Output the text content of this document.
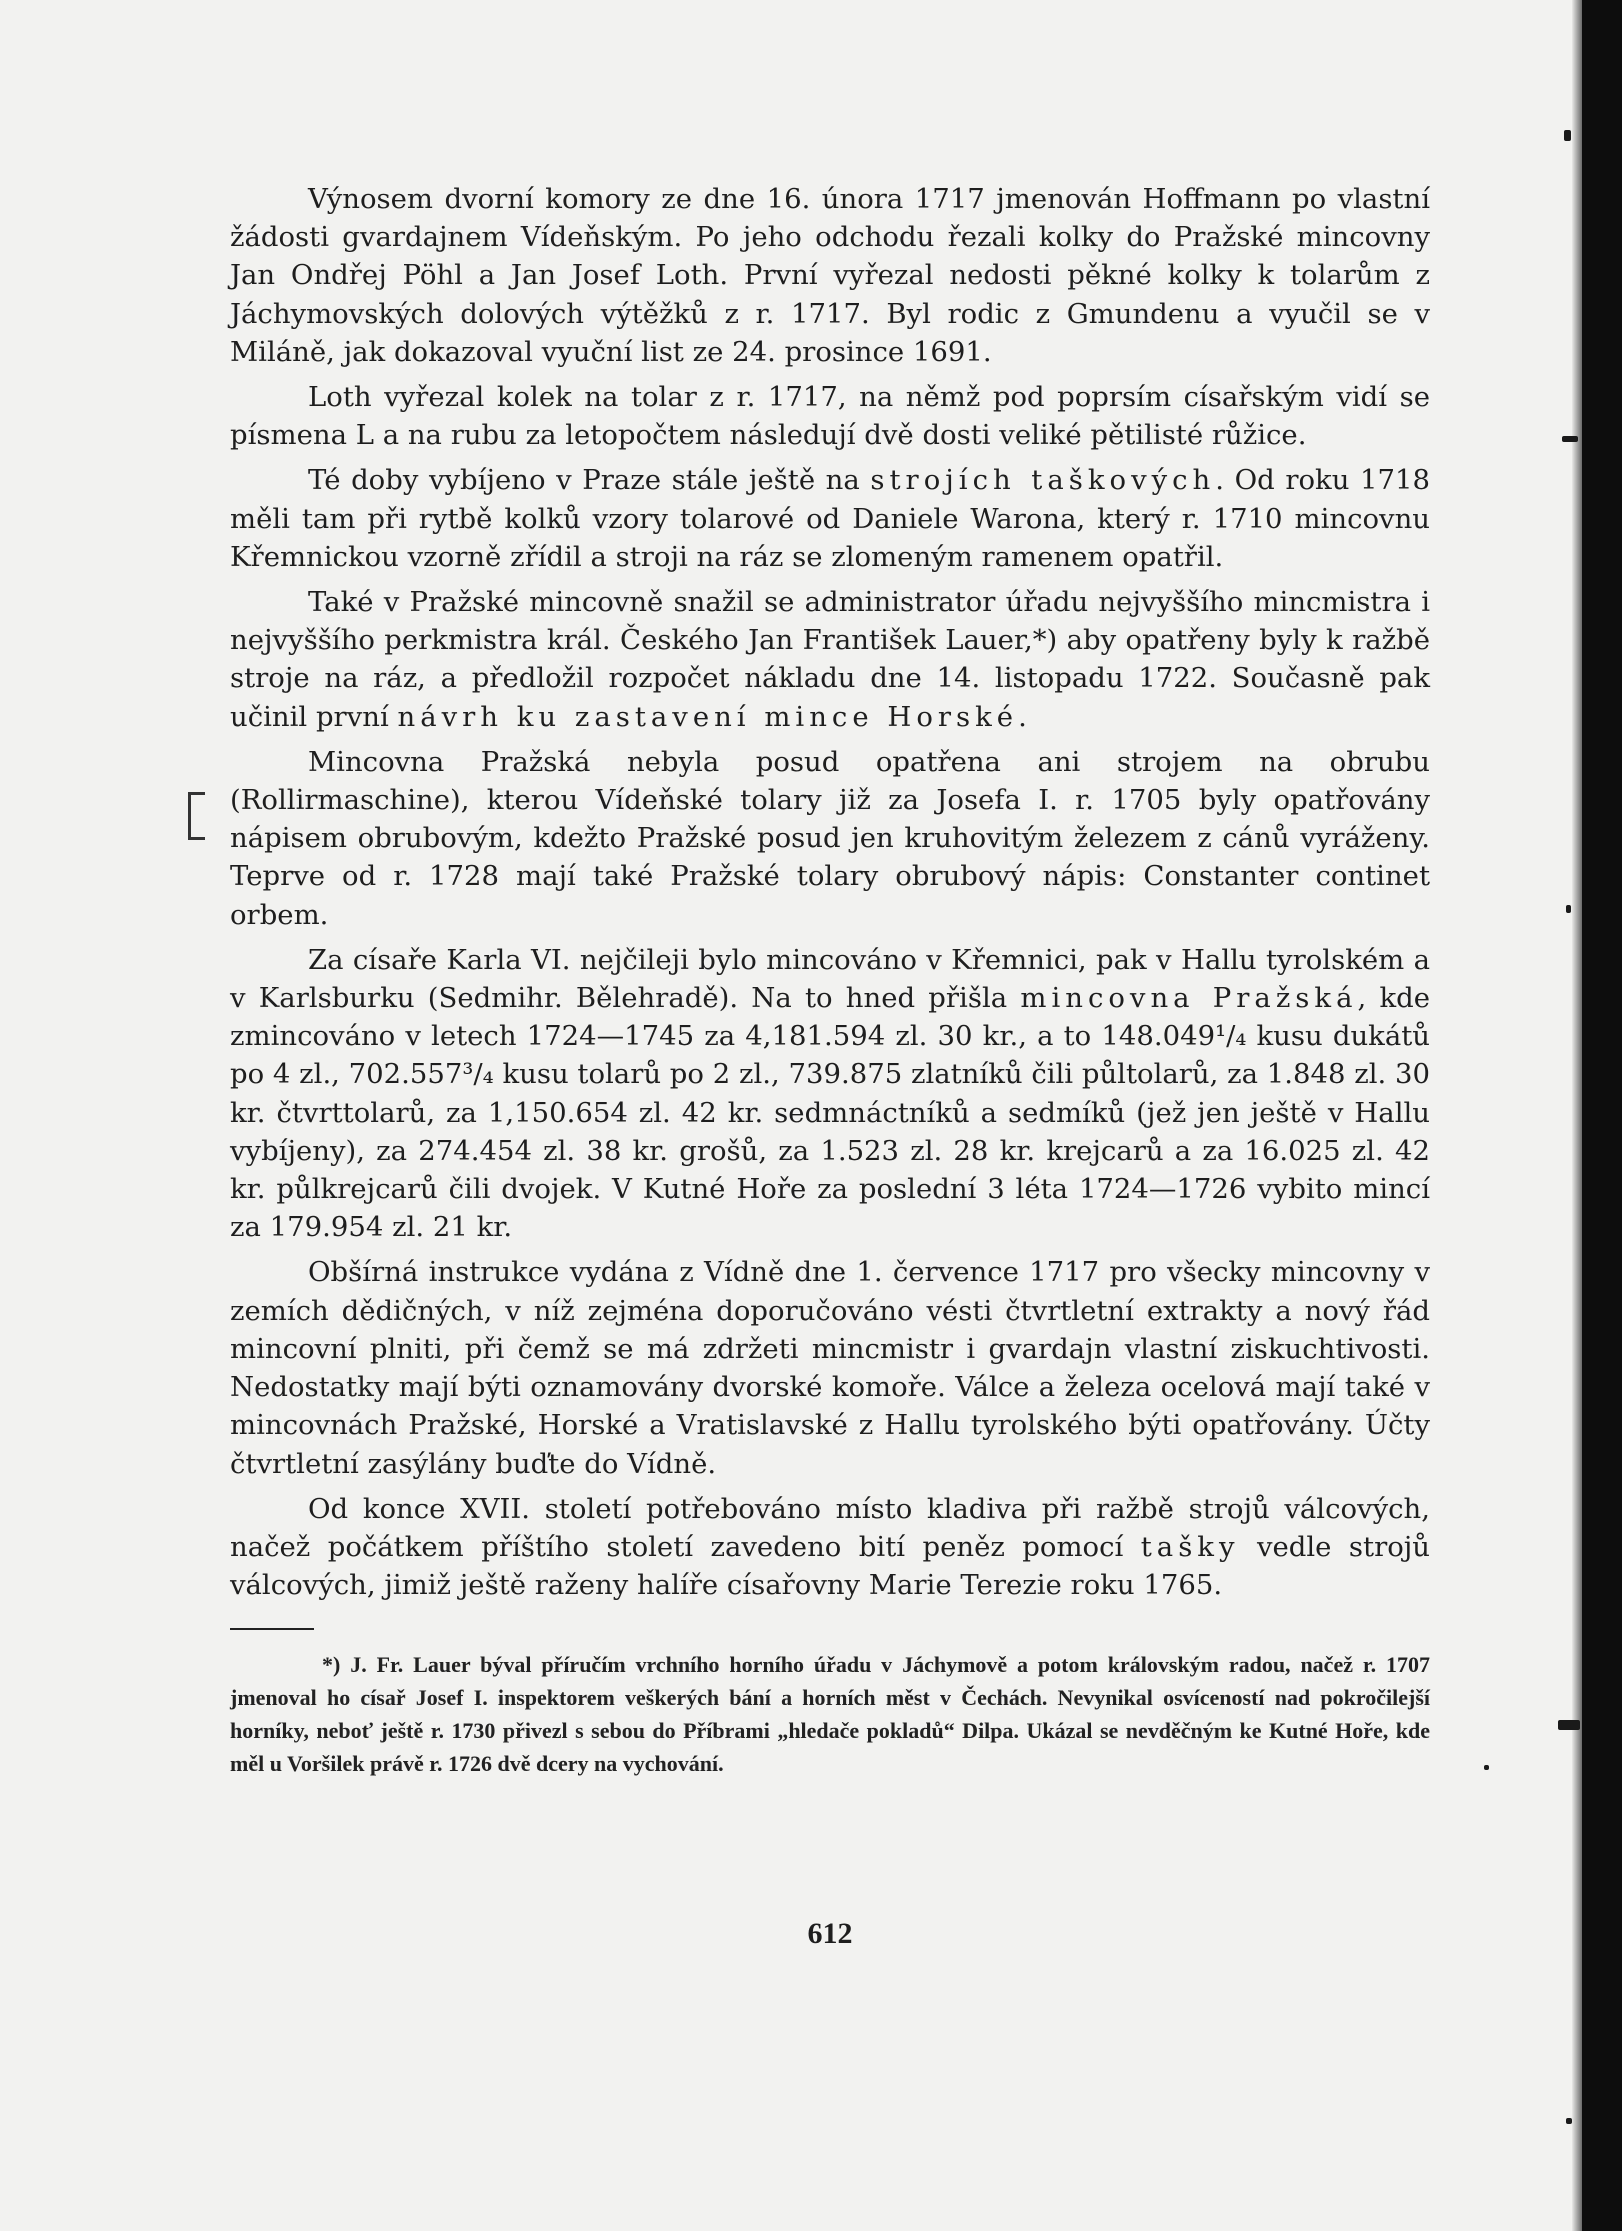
Výnosem dvorní komory ze dne 16. února 1717 jmenován Hoffmann po vlastní žádosti gvardajnem Vídeňským. Po jeho odchodu řezali kolky do Pražské mincovny Jan Ondřej Pöhl a Jan Josef Loth. První vyřezal nedosti pěkné kolky k tolarům z Jáchymovských dolových výtěžků z r. 1717. Byl rodic z Gmundenu a vyučil se v Miláně, jak dokazoval vyuční list ze 24. prosince 1691.

Loth vyřezal kolek na tolar z r. 1717, na němž pod poprsím císařským vidí se písmena L a na rubu za letopočtem následují dvě dosti veliké pětilisté růžice.

Té doby vybíjeno v Praze stále ještě na strojích taškových. Od roku 1718 měli tam při rytbě kolků vzory tolarové od Daniele Warona, který r. 1710 mincovnu Křemnickou vzorně zřídil a stroji na ráz se zlomeným ramenem opatřil.

Také v Pražské mincovně snažil se administrator úřadu nejvyššího mincmistra i nejvyššího perkmistra král. Českého Jan František Lauer,*) aby opatřeny byly k ražbě stroje na ráz, a předložil rozpočet nákladu dne 14. listopadu 1722. Současně pak učinil první návrh ku zastavení mince Horské.

Mincovna Pražská nebyla posud opatřena ani strojem na obrubu (Rollirmaschine), kterou Vídeňské tolary již za Josefa I. r. 1705 byly opatřovány nápisem obrubovým, kdežto Pražské posud jen kruhovitým železem z cánů vyráženy. Teprve od r. 1728 mají také Pražské tolary obrubový nápis: Constanter continet orbem.

Za císaře Karla VI. nejčileji bylo mincováno v Křemnici, pak v Hallu tyrolském a v Karlsburku (Sedmihr. Bělehradě). Na to hned přišla mincovna Pražská, kde zmincováno v letech 1724—1745 za 4,181.594 zl. 30 kr., a to 148.049¹/₄ kusu dukátů po 4 zl., 702.557³/₄ kusu tolarů po 2 zl., 739.875 zlatníků čili půltolarů, za 1.848 zl. 30 kr. čtvrttolarů, za 1,150.654 zl. 42 kr. sedmnáctníků a sedmíků (jež jen ještě v Hallu vybíjeny), za 274.454 zl. 38 kr. grošů, za 1.523 zl. 28 kr. krejcarů a za 16.025 zl. 42 kr. půlkrejcarů čili dvojek. V Kutné Hoře za poslední 3 léta 1724—1726 vybito mincí za 179.954 zl. 21 kr.

Obšírná instrukce vydána z Vídně dne 1. července 1717 pro všecky mincovny v zemích dědičných, v níž zejména doporučováno vésti čtvrtletní extrakty a nový řád mincovní plniti, při čemž se má zdržeti mincmistr i gvardajn vlastní ziskuchtivosti. Nedostatky mají býti oznamovány dvorské komoře. Válce a železa ocelová mají také v mincovnách Pražské, Horské a Vratislavské z Hallu tyrolského býti opatřovány. Účty čtvrtletní zasýlány buďte do Vídně.

Od konce XVII. století potřebováno místo kladiva při ražbě strojů válcových, načež počátkem příštího století zavedeno bití peněz pomocí tašky vedle strojů válcových, jimiž ještě raženy halíře císařovny Marie Terezie roku 1765.

*) J. Fr. Lauer býval příručím vrchního horního úřadu v Jáchymově a potom královským radou, načež r. 1707 jmenoval ho císař Josef I. inspektorem veškerých bání a horních měst v Čechách. Nevynikal osvíceností nad pokročilejší horníky, neboť ještě r. 1730 přivezl s sebou do Příbrami „hledače pokladů“ Dilpa. Ukázal se nevděčným ke Kutné Hoře, kde měl u Voršilek právě r. 1726 dvě dcery na vychování.

612
